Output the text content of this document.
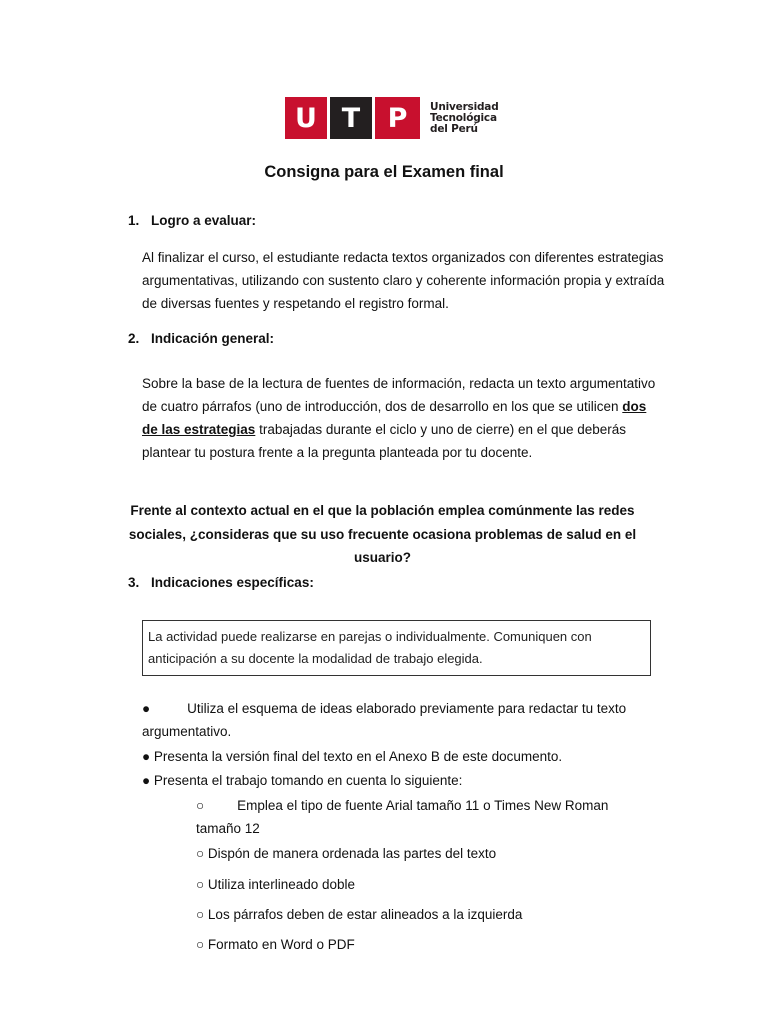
U T	P	Universidad
Tecnológica
del Perú
Consigna para el Examen final
1. Logro a evaluar:
Al finalizar el curso, el estudiante redacta textos organizados con diferentes estrategias argumentativas, utilizando con sustento claro y coherente información propia y extraída de diversas fuentes y respetando el registro formal.
2. Indicación general:
Sobre la base de la lectura de fuentes de información, redacta un texto argumentativo de cuatro párrafos (uno de introducción, dos de desarrollo en los que se utilicen dos de las estrategias trabajadas durante el ciclo y uno de cierre) en el que deberás plantear tu postura frente a la pregunta planteada por tu docente.
Frente al contexto actual en el que la población emplea comúnmente las redes sociales, ¿consideras que su uso frecuente ocasiona problemas de salud en el usuario?
3. Indicaciones específicas:
La actividad puede realizarse en parejas o individualmente. Comuniquen con anticipación a su docente la modalidad de trabajo elegida.
●	Utiliza el esquema de ideas elaborado previamente para redactar tu texto argumentativo.
● Presenta la versión final del texto en el Anexo B de este documento.
● Presenta el trabajo tomando en cuenta lo siguiente:
○ Emplea el tipo de fuente Arial tamaño 11 o Times New Roman tamaño 12
○ Dispón de manera ordenada las partes del texto
○ Utiliza interlineado doble
○ Los párrafos deben de estar alineados a la izquierda
○ Formato en Word o PDF
